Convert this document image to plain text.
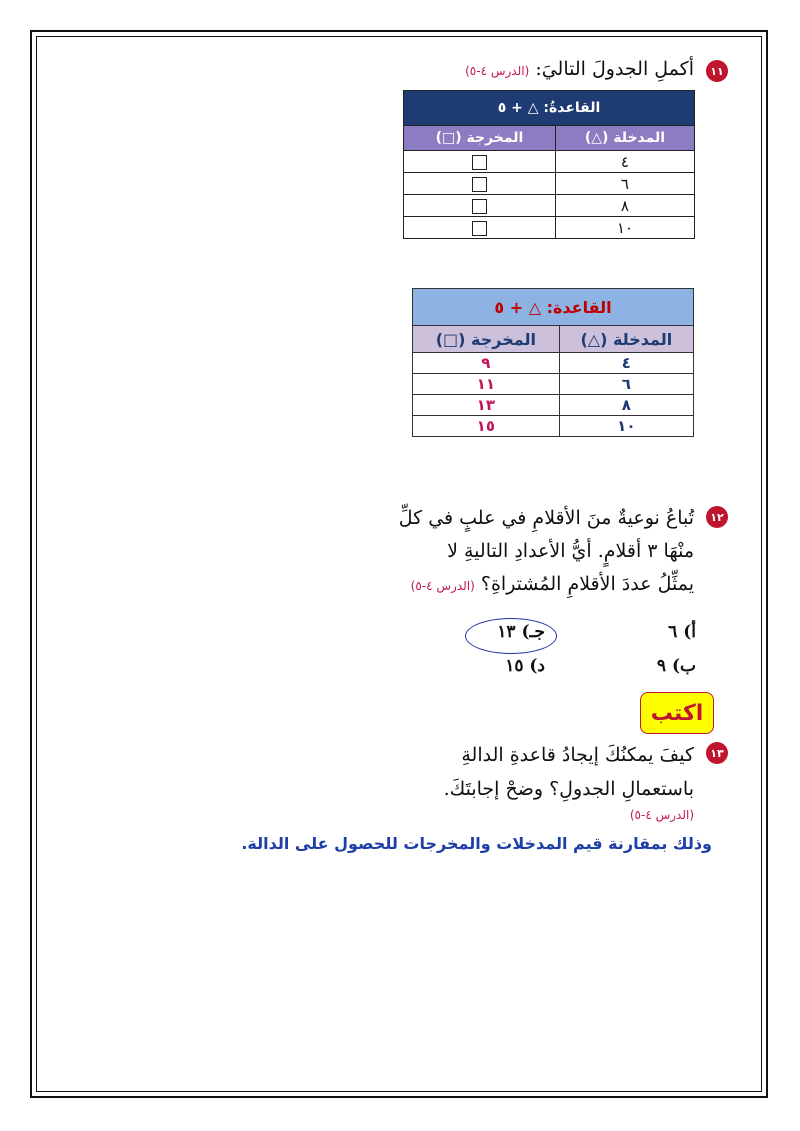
١١
أكملِ الجدولَ التاليَ: (الدرس ٤-٥)
القاعدةُ: △ + ٥	
المدخلة (△)	المخرجة (□)
٤	
٦	
٨	
١٠	
القاعدة: △ + ٥	
المدخلة (△)	المخرجة (□)
٤	٩
٦	١١
٨	١٣
١٠	١٥
١٢
تُباعُ نوعيةٌ منَ الأقلامِ في علبٍ في كلِّ
منْهَا ٣ أقلامٍ. أيُّ الأعدادِ التاليةِ لا
يمثِّلُ عددَ الأقلامِ المُشتراةِ؟ (الدرس ٤-٥)
أ) ٦
جـ) ١٣
ب) ٩
د) ١٥
اكتب
١٣
كيفَ يمكنُكَ إيجادُ قاعدةِ الدالةِ
باستعمالِ الجدولِ؟ وضحْ إجابتَكَ.
(الدرس ٤-٥)
وذلك بمقارنة قيم المدخلات والمخرجات للحصول على الدالة.
